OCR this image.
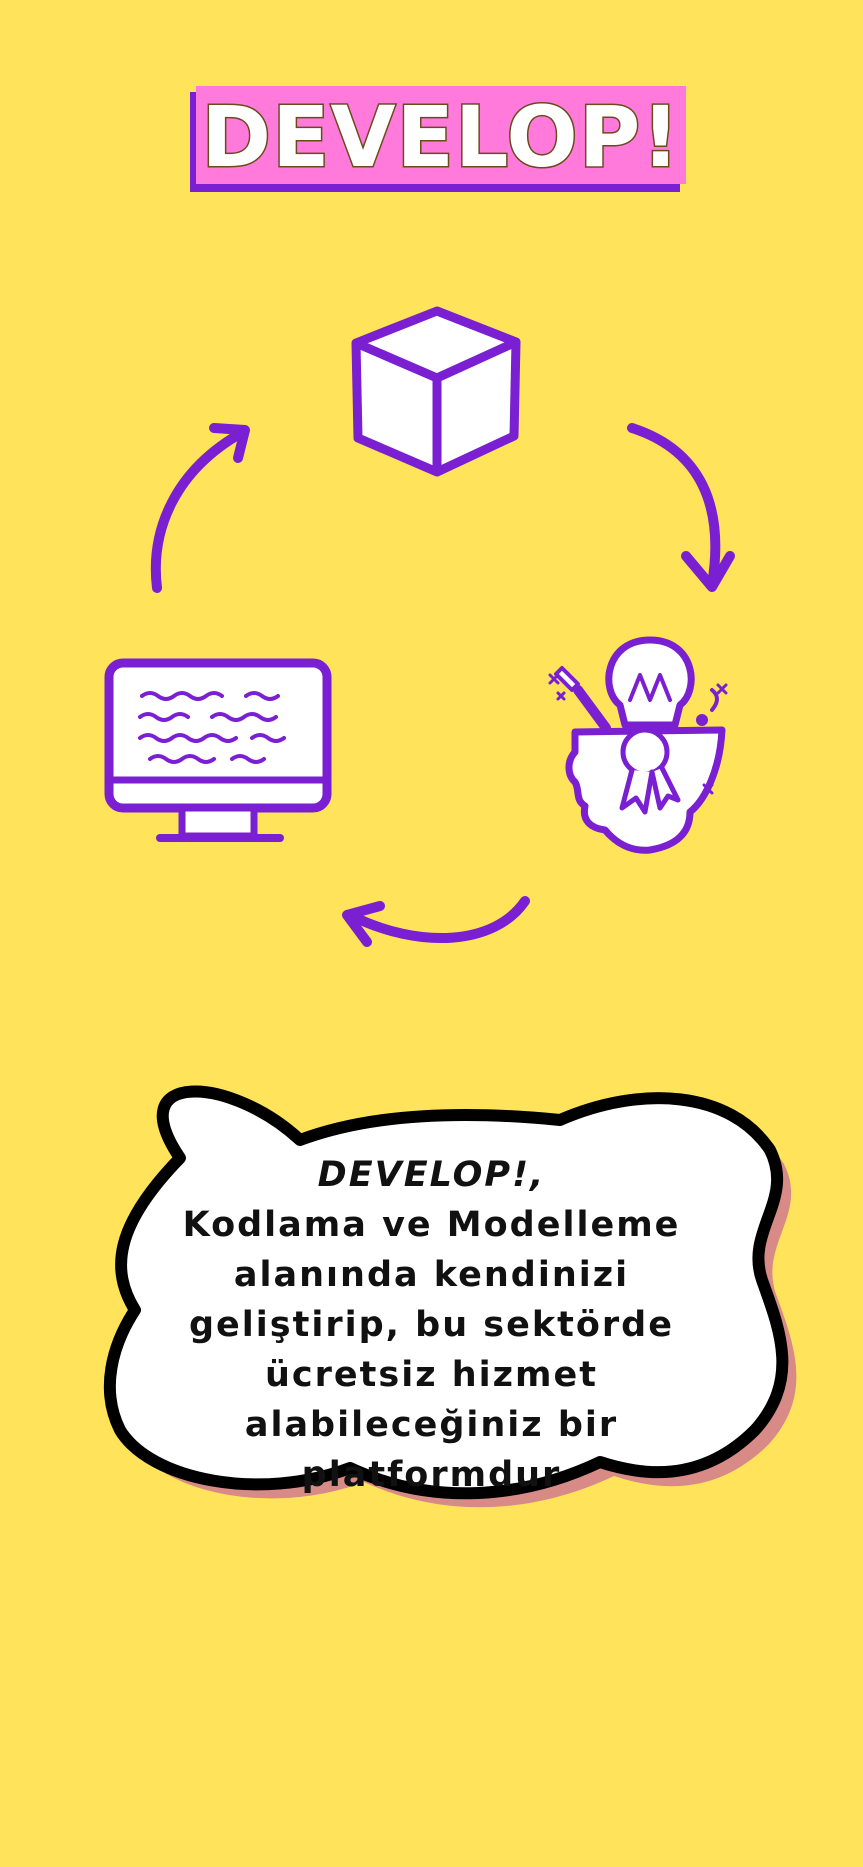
DEVELOP!
DEVELOP!,
Kodlama ve Modelleme alanında kendinizi geliştirip, bu sektörde ücretsiz hizmet alabileceğiniz bir platformdur
